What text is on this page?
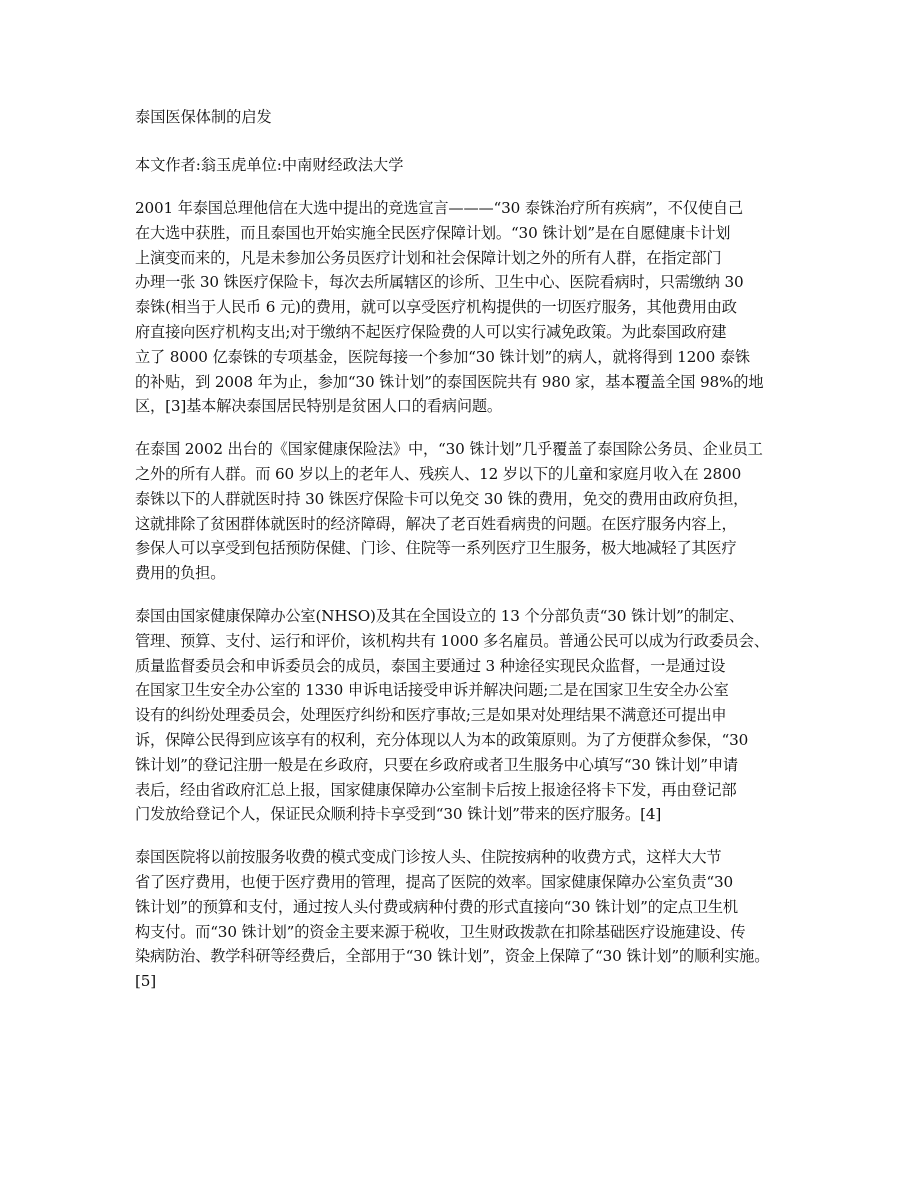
泰国医保体制的启发
本文作者:翁玉虎单位:中南财经政法大学
2001 年泰国总理他信在大选中提出的竞选宣言———“30 泰铢治疗所有疾病”，不仅使自己
在大选中获胜，而且泰国也开始实施全民医疗保障计划。“30 铢计划”是在自愿健康卡计划
上演变而来的，凡是未参加公务员医疗计划和社会保障计划之外的所有人群，在指定部门
办理一张 30 铢医疗保险卡，每次去所属辖区的诊所、卫生中心、医院看病时，只需缴纳 30
泰铢(相当于人民币 6 元)的费用，就可以享受医疗机构提供的一切医疗服务，其他费用由政
府直接向医疗机构支出;对于缴纳不起医疗保险费的人可以实行减免政策。为此泰国政府建
立了 8000 亿泰铢的专项基金，医院每接一个参加“30 铢计划”的病人，就将得到 1200 泰铢
的补贴，到 2008 年为止，参加“30 铢计划”的泰国医院共有 980 家，基本覆盖全国 98%的地
区，[3]基本解决泰国居民特别是贫困人口的看病问题。
在泰国 2002 出台的《国家健康保险法》中，“30 铢计划”几乎覆盖了泰国除公务员、企业员工
之外的所有人群。而 60 岁以上的老年人、残疾人、12 岁以下的儿童和家庭月收入在 2800
泰铢以下的人群就医时持 30 铢医疗保险卡可以免交 30 铢的费用，免交的费用由政府负担，
这就排除了贫困群体就医时的经济障碍，解决了老百姓看病贵的问题。在医疗服务内容上，
参保人可以享受到包括预防保健、门诊、住院等一系列医疗卫生服务，极大地减轻了其医疗
费用的负担。
泰国由国家健康保障办公室(NHSO)及其在全国设立的 13 个分部负责“30 铢计划”的制定、
管理、预算、支付、运行和评价，该机构共有 1000 多名雇员。普通公民可以成为行政委员会、
质量监督委员会和申诉委员会的成员，泰国主要通过 3 种途径实现民众监督，一是通过设
在国家卫生安全办公室的 1330 申诉电话接受申诉并解决问题;二是在国家卫生安全办公室
设有的纠纷处理委员会，处理医疗纠纷和医疗事故;三是如果对处理结果不满意还可提出申
诉，保障公民得到应该享有的权利，充分体现以人为本的政策原则。为了方便群众参保，“30
铢计划”的登记注册一般是在乡政府，只要在乡政府或者卫生服务中心填写“30 铢计划”申请
表后，经由省政府汇总上报，国家健康保障办公室制卡后按上报途径将卡下发，再由登记部
门发放给登记个人，保证民众顺利持卡享受到“30 铢计划”带来的医疗服务。[4]
泰国医院将以前按服务收费的模式变成门诊按人头、住院按病种的收费方式，这样大大节
省了医疗费用，也便于医疗费用的管理，提高了医院的效率。国家健康保障办公室负责“30
铢计划”的预算和支付，通过按人头付费或病种付费的形式直接向“30 铢计划”的定点卫生机
构支付。而“30 铢计划”的资金主要来源于税收，卫生财政拨款在扣除基础医疗设施建设、传
染病防治、教学科研等经费后，全部用于“30 铢计划”，资金上保障了“30 铢计划”的顺利实施。
[5]
